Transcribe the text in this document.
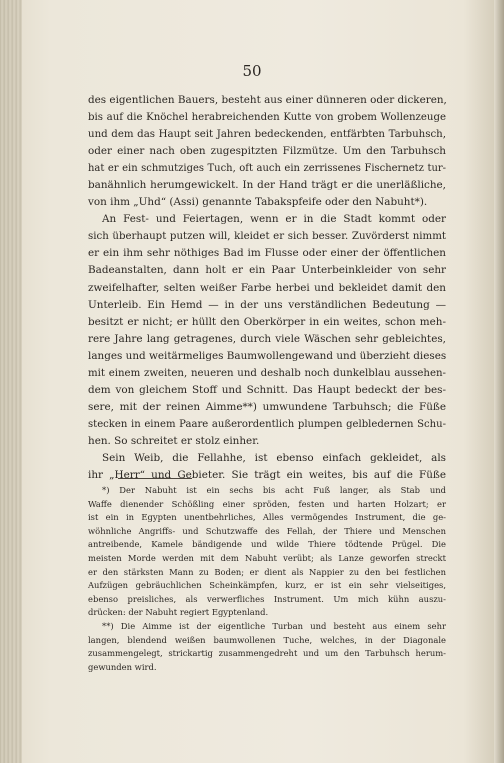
50
des eigentlichen Bauers, besteht aus einer dünneren oder dickeren,
bis auf die Knöchel herabreichenden Kutte von grobem Wollenzeuge
und dem das Haupt seit Jahren bedeckenden, entfärbten Tarbuhsch,
oder einer nach oben zugespitzten Filzmütze. Um den Tarbuhsch
hat er ein schmutziges Tuch, oft auch ein zerrissenes Fischernetz tur-
banähnlich herumgewickelt. In der Hand trägt er die unerläßliche,
von ihm „Uhd“ (Assi) genannte Tabakspfeife oder den Nabuht*).
An Fest- und Feiertagen, wenn er in die Stadt kommt oder
sich überhaupt putzen will, kleidet er sich besser. Zuvörderst nimmt
er ein ihm sehr nöthiges Bad im Flusse oder einer der öffentlichen
Badeanstalten, dann holt er ein Paar Unterbeinkleider von sehr
zweifelhafter, selten weißer Farbe herbei und bekleidet damit den
Unterleib. Ein Hemd — in der uns verständlichen Bedeutung —
besitzt er nicht; er hüllt den Oberkörper in ein weites, schon meh-
rere Jahre lang getragenes, durch viele Wäschen sehr gebleichtes,
langes und weitärmeliges Baumwollengewand und überzieht dieses
mit einem zweiten, neueren und deshalb noch dunkelblau aussehen-
dem von gleichem Stoff und Schnitt. Das Haupt bedeckt der bes-
sere, mit der reinen Aimme**) umwundene Tarbuhsch; die Füße
stecken in einem Paare außerordentlich plumpen gelbledernen Schu-
hen. So schreitet er stolz einher.
Sein Weib, die Fellahhe, ist ebenso einfach gekleidet, als
ihr „Herr“ und Gebieter. Sie trägt ein weites, bis auf die Füße
*) Der Nabuht ist ein sechs bis acht Fuß langer, als Stab und
Waffe dienender Schößling einer spröden, festen und harten Holzart; er
ist ein in Egypten unentbehrliches, Alles vermögendes Instrument, die ge-
wöhnliche Angriffs- und Schutzwaffe des Fellah, der Thiere und Menschen
antreibende, Kamele bändigende und wilde Thiere tödtende Prügel. Die
meisten Morde werden mit dem Nabuht verübt; als Lanze geworfen streckt
er den stärksten Mann zu Boden; er dient als Nappier zu den bei festlichen
Aufzügen gebräuchlichen Scheinkämpfen, kurz, er ist ein sehr vielseitiges,
ebenso preisliches, als verwerfliches Instrument. Um mich kühn auszu-
drücken: der Nabuht regiert Egyptenland.
**) Die Aimme ist der eigentliche Turban und besteht aus einem sehr
langen, blendend weißen baumwollenen Tuche, welches, in der Diagonale
zusammengelegt, strickartig zusammengedreht und um den Tarbuhsch herum-
gewunden wird.
